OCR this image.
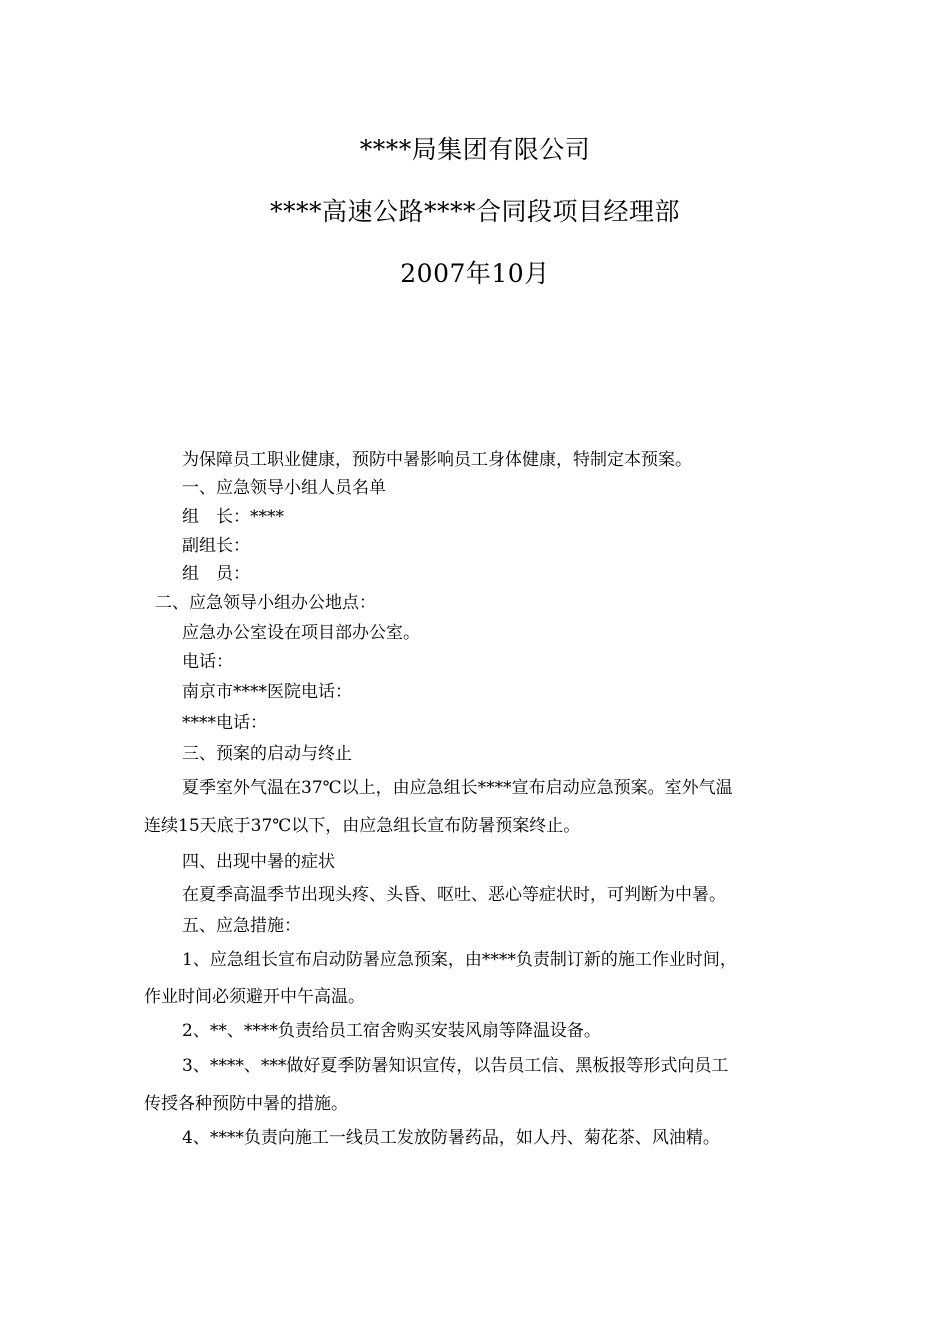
****局集团有限公司
****高速公路****合同段项目经理部
2007年10月
为保障员工职业健康，预防中暑影响员工身体健康，特制定本预案。
一、应急领导小组人员名单
组　长：****
副组长：
组　员：
二、应急领导小组办公地点：
应急办公室设在项目部办公室。
电话：
南京市****医院电话：
****电话：
三、预案的启动与终止
夏季室外气温在37℃以上，由应急组长****宣布启动应急预案。室外气温
连续15天底于37℃以下，由应急组长宣布防暑预案终止。
四、出现中暑的症状
在夏季高温季节出现头疼、头昏、呕吐、恶心等症状时，可判断为中暑。
五、应急措施：
1、应急组长宣布启动防暑应急预案，由****负责制订新的施工作业时间，
作业时间必须避开中午高温。
2、**、****负责给员工宿舍购买安装风扇等降温设备。
3、****、***做好夏季防暑知识宣传，以告员工信、黑板报等形式向员工
传授各种预防中暑的措施。
4、****负责向施工一线员工发放防暑药品，如人丹、菊花茶、风油精。
